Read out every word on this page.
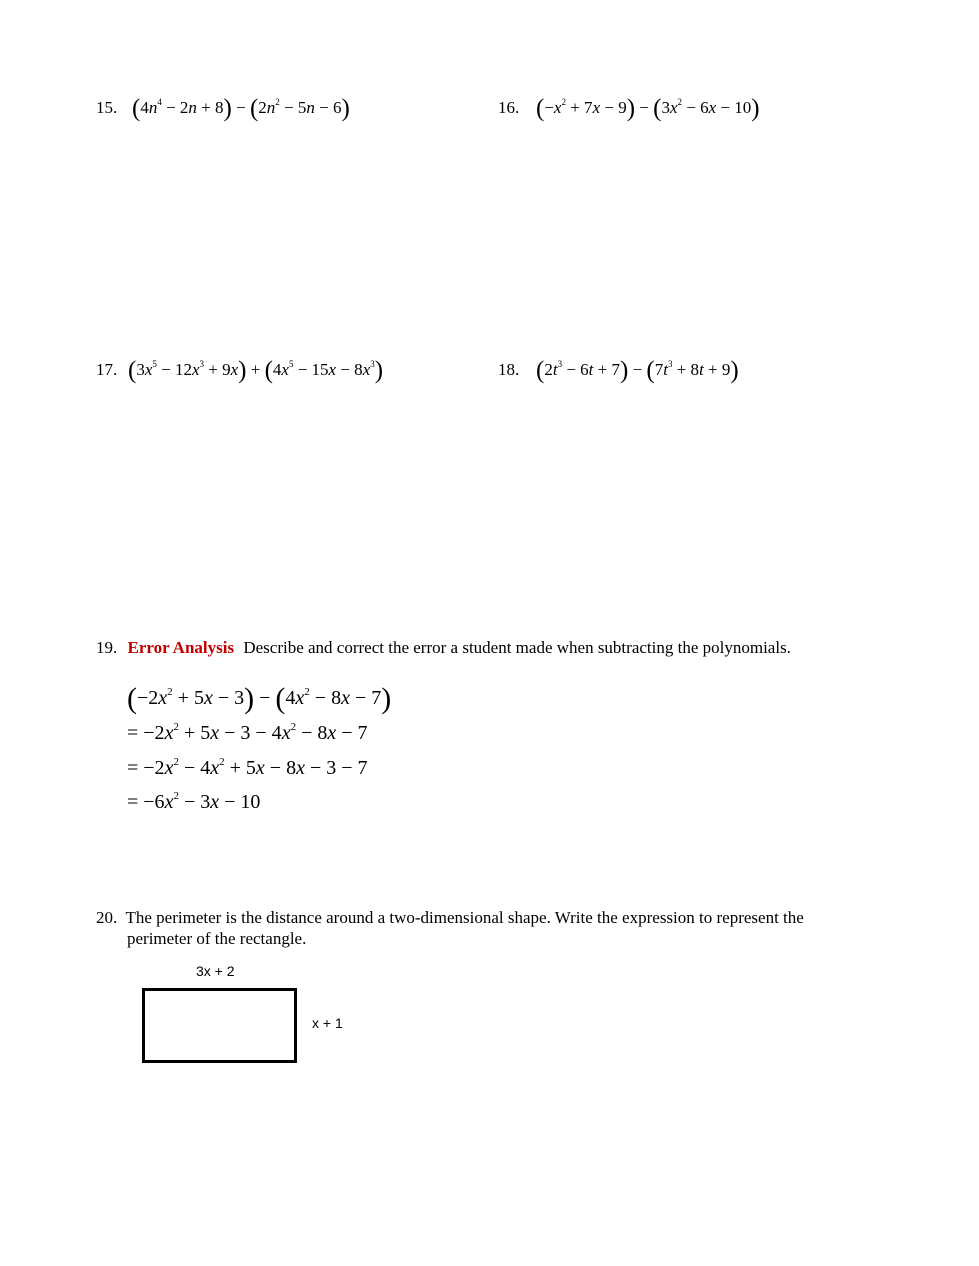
15. $(4n^4 - 2n + 8) - (2n^2 - 5n - 6)$	16. $(-x^2 + 7x - 9) - (3x^2 - 6x - 10)$
17. $(3x^5 - 12x^3 + 9x) + (4x^5 - 15x - 8x^3)$	18. $(2t^3 - 6t + 7) - (7t^3 + 8t + 9)$
19. Error Analysis Describe and correct the error a student made when subtracting the polynomials.
$(-2x^2 + 5x - 3) - (4x^2 - 8x - 7)$
= $-2x^2 + 5x - 3 - 4x^2 - 8x - 7$
= $-2x^2 - 4x^2 + 5x - 8x - 3 - 7$
= $-6x^2 - 3x - 10$
20. The perimeter is the distance around a two-dimensional shape. Write the expression to represent the
perimeter of the rectangle.
3x + 2
x + 1
